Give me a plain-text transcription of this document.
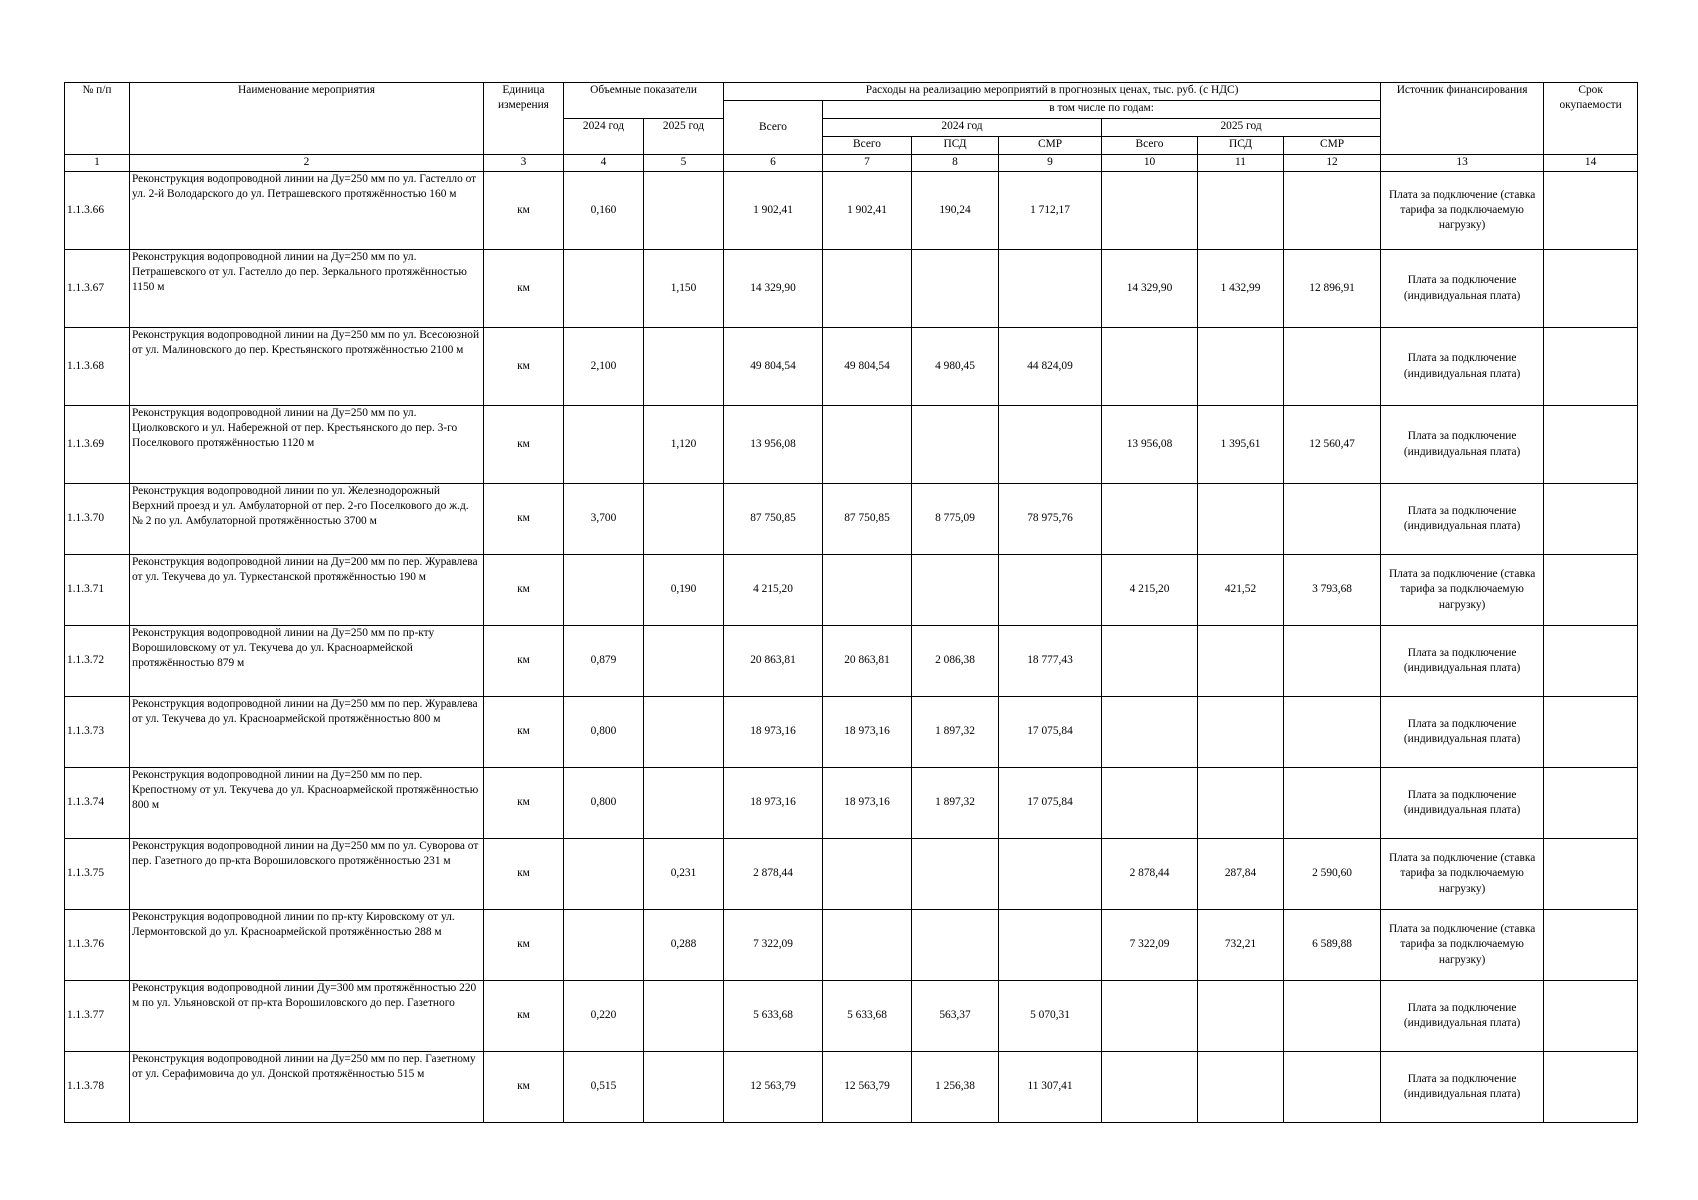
№ п/п	Наименование мероприятия	Единица измерения	Объемные показатели		Расходы на реализацию мероприятий в прогнозных ценах, тыс. руб. (с НДС)							Источник финансирования	Срок окупаемости
					Всего	в том числе по годам:							
			2024 год	2025 год		2024 год			2025 год				
						Всего	ПСД	СМР	Всего	ПСД	СМР		
1	2	3	4	5	6	7	8	9	10	11	12	13	14
1.1.3.66	Реконструкция водопроводной линии на Ду=250 мм по ул. Гастелло от ул. 2-й Володарского до ул. Петрашевского протяжённостью 160 м	км	0,160		1 902,41	1 902,41	190,24	1 712,17				Плата за подключение (ставка тарифа за подключаемую нагрузку)	
1.1.3.67	Реконструкция водопроводной линии на Ду=250 мм по ул. Петрашевского от ул. Гастелло до пер. Зеркального протяжённостью 1150 м	км		1,150	14 329,90				14 329,90	1 432,99	12 896,91	Плата за подключение (индивидуальная плата)	
1.1.3.68	Реконструкция водопроводной линии на Ду=250 мм по ул. Всесоюзной от ул. Малиновского до пер. Крестьянского протяжённостью 2100 м	км	2,100		49 804,54	49 804,54	4 980,45	44 824,09				Плата за подключение (индивидуальная плата)	
1.1.3.69	Реконструкция водопроводной линии на Ду=250 мм по ул. Циолковского и ул. Набережной от пер. Крестьянского до пер. 3-го Поселкового протяжённостью 1120 м	км		1,120	13 956,08				13 956,08	1 395,61	12 560,47	Плата за подключение (индивидуальная плата)	
1.1.3.70	Реконструкция водопроводной линии по ул. Железнодорожный Верхний проезд и ул. Амбулаторной от пер. 2-го Поселкового до ж.д. № 2 по ул. Амбулаторной протяжённостью 3700 м	км	3,700		87 750,85	87 750,85	8 775,09	78 975,76				Плата за подключение (индивидуальная плата)	
1.1.3.71	Реконструкция водопроводной линии на Ду=200 мм по пер. Журавлева от ул. Текучева до ул. Туркестанской протяжённостью 190 м	км		0,190	4 215,20				4 215,20	421,52	3 793,68	Плата за подключение (ставка тарифа за подключаемую нагрузку)	
1.1.3.72	Реконструкция водопроводной линии на Ду=250 мм по пр-кту Ворошиловскому от ул. Текучева до ул. Красноармейской протяжённостью 879 м	км	0,879		20 863,81	20 863,81	2 086,38	18 777,43				Плата за подключение (индивидуальная плата)	
1.1.3.73	Реконструкция водопроводной линии на Ду=250 мм по пер. Журавлева от ул. Текучева до ул. Красноармейской протяжённостью 800 м	км	0,800		18 973,16	18 973,16	1 897,32	17 075,84				Плата за подключение (индивидуальная плата)	
1.1.3.74	Реконструкция водопроводной линии на Ду=250 мм по пер. Крепостному от ул. Текучева до ул. Красноармейской протяжённостью 800 м	км	0,800		18 973,16	18 973,16	1 897,32	17 075,84				Плата за подключение (индивидуальная плата)	
1.1.3.75	Реконструкция водопроводной линии на Ду=250 мм по ул. Суворова от пер. Газетного до пр-кта Ворошиловского протяжённостью 231 м	км		0,231	2 878,44				2 878,44	287,84	2 590,60	Плата за подключение (ставка тарифа за подключаемую нагрузку)	
1.1.3.76	Реконструкция водопроводной линии по пр-кту Кировскому от ул. Лермонтовской до ул. Красноармейской протяжённостью 288 м	км		0,288	7 322,09				7 322,09	732,21	6 589,88	Плата за подключение (ставка тарифа за подключаемую нагрузку)	
1.1.3.77	Реконструкция водопроводной линии Ду=300 мм протяжённостью 220 м по ул. Ульяновской от пр-кта Ворошиловского до пер. Газетного	км	0,220		5 633,68	5 633,68	563,37	5 070,31				Плата за подключение (индивидуальная плата)	
1.1.3.78	Реконструкция водопроводной линии на Ду=250 мм по пер. Газетному от ул. Серафимовича до ул. Донской протяжённостью 515 м	км	0,515		12 563,79	12 563,79	1 256,38	11 307,41				Плата за подключение (индивидуальная плата)	
